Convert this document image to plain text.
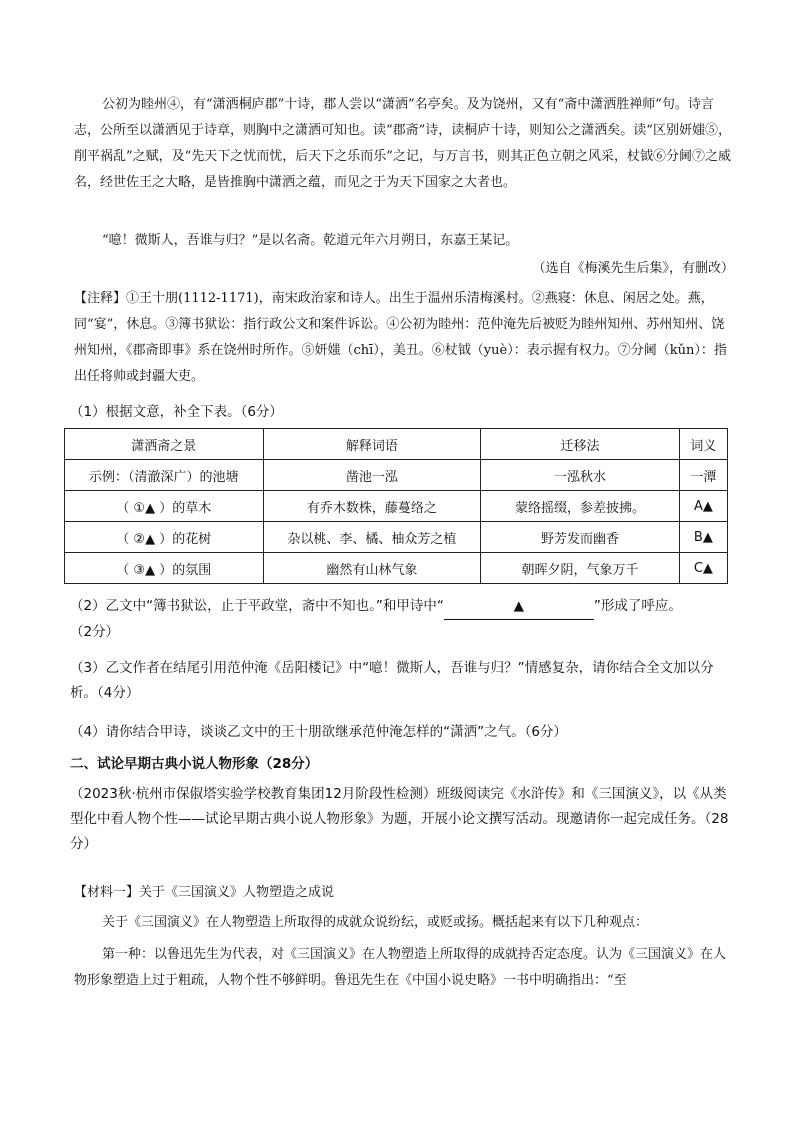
公初为睦州④，有“潇洒桐庐郡”十诗，郡人尝以“潇洒”名亭矣。及为饶州，又有“斋中潇洒胜禅师”句。诗言志，公所至以潇洒见于诗章，则胸中之潇洒可知也。读“郡斋”诗，读桐庐十诗，则知公之潇洒矣。读“区别妍媸⑤，削平祸乱”之赋，及“先天下之忧而忧，后天下之乐而乐”之记，与万言书，则其正色立朝之风采，杖钺⑥分阃⑦之威名，经世佐王之大略，是皆推胸中潇洒之蕴，而见之于为天下国家之大者也。

“噫！微斯人，吾谁与归？”是以名斋。乾道元年六月朔日，东嘉王某记。

（选自《梅溪先生后集》，有删改）

【注释】①王十朋(1112-1171)，南宋政治家和诗人。出生于温州乐清梅溪村。②燕寝：休息、闲居之处。燕，同“宴”，休息。③簿书狱讼：指行政公文和案件诉讼。④公初为睦州：范仲淹先后被贬为睦州知州、苏州知州、饶州知州，《郡斋即事》系在饶州时所作。⑤妍媸（chī），美丑。⑥杖钺（yuè）：表示握有权力。⑦分阃（kǔn）：指出任将帅或封疆大吏。

（1）根据文意，补全下表。（6分）

潇洒斋之景	解释词语	迁移法	词义
示例：（清澈深广）的池塘	凿池一泓	一泓秋水	一潭
（ ①▲ ）的草木	有乔木数株，藤蔓络之	蒙络摇缀，参差披拂。	A▲
（ ②▲ ）的花树	杂以桃、李、橘、柚众芳之植	野芳发而幽香	B▲
（ ③▲ ）的氛围	幽然有山林气象	朝晖夕阴，气象万千	C▲

（2）乙文中“簿书狱讼，止于平政堂，斋中不知也。”和甲诗中“	▲	”形成了呼应。
（2分）

（3）乙文作者在结尾引用范仲淹《岳阳楼记》中“噫！微斯人，吾谁与归？”情感复杂，请你结合全文加以分析。（4分）

（4）请你结合甲诗，谈谈乙文中的王十朋欲继承范仲淹怎样的“潇洒”之气。（6分）

二、试论早期古典小说人物形象（28分）

（2023秋·杭州市保俶塔实验学校教育集团12月阶段性检测）班级阅读完《水浒传》和《三国演义》，以《从类型化中看人物个性——试论早期古典小说人物形象》为题，开展小论文撰写活动。现邀请你一起完成任务。（28分）

【材料一】关于《三国演义》人物塑造之成说

关于《三国演义》在人物塑造上所取得的成就众说纷纭，或贬或扬。概括起来有以下几种观点：

第一种：以鲁迅先生为代表，对《三国演义》在人物塑造上所取得的成就持否定态度。认为《三国演义》在人物形象塑造上过于粗疏，人物个性不够鲜明。鲁迅先生在《中国小说史略》一书中明确指出：“至
